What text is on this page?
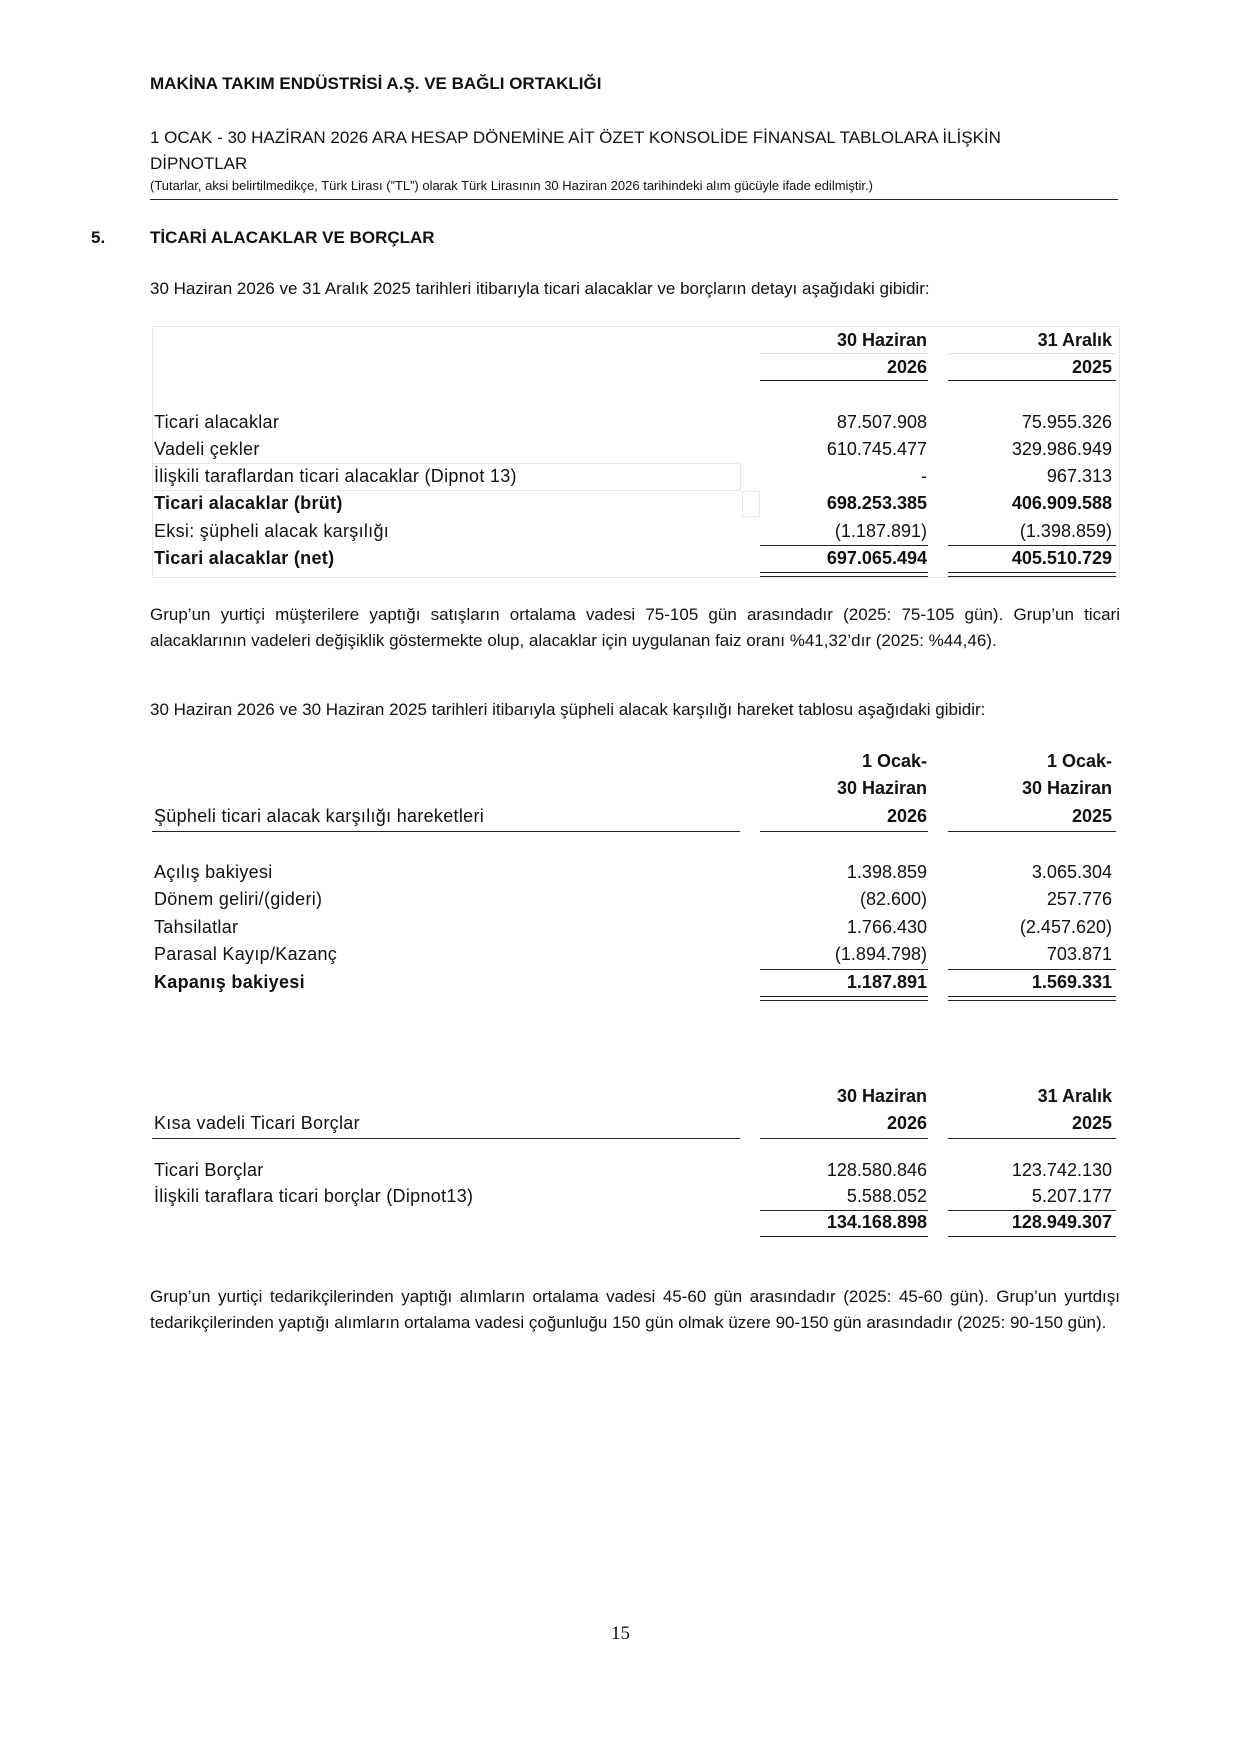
MAKİNA TAKIM ENDÜSTRİSİ A.Ş. VE BAĞLI ORTAKLIĞI
1 OCAK - 30 HAZİRAN 2026 ARA HESAP DÖNEMİNE AİT ÖZET KONSOLİDE FİNANSAL TABLOLARA İLİŞKİN
DİPNOTLAR
(Tutarlar, aksi belirtilmedikçe, Türk Lirası (”TL”) olarak Türk Lirasının 30 Haziran 2026 tarihindeki alım gücüyle ifade edilmiştir.)
5.	TİCARİ ALACAKLAR VE BORÇLAR
30 Haziran 2026 ve 31 Aralık 2025 tarihleri itibarıyla ticari alacaklar ve borçların detayı aşağıdaki gibidir:
30 Haziran	31 Aralık
2026	2025
Ticari alacaklar	87.507.908	75.955.326
Vadeli çekler	610.745.477	329.986.949
İlişkili taraflardan ticari alacaklar (Dipnot 13)	-	967.313
Ticari alacaklar (brüt)	698.253.385	406.909.588
Eksi: şüpheli alacak karşılığı	(1.187.891)	(1.398.859)
Ticari alacaklar (net)	697.065.494	405.510.729
Grup’un yurtiçi müşterilere yaptığı satışların ortalama vadesi 75-105 gün arasındadır (2025: 75-105 gün). Grup’un ticari alacaklarının vadeleri değişiklik göstermekte olup, alacaklar için uygulanan faiz oranı %41,32’dır (2025: %44,46).
30 Haziran 2026 ve 30 Haziran 2025 tarihleri itibarıyla şüpheli alacak karşılığı hareket tablosu aşağıdaki gibidir:
1 Ocak-	1 Ocak-
30 Haziran	30 Haziran
Şüpheli ticari alacak karşılığı hareketleri	2026	2025
Açılış bakiyesi	1.398.859	3.065.304
Dönem geliri/(gideri)	(82.600)	257.776
Tahsilatlar	1.766.430	(2.457.620)
Parasal Kayıp/Kazanç	(1.894.798)	703.871
Kapanış bakiyesi	1.187.891	1.569.331
30 Haziran	31 Aralık
Kısa vadeli Ticari Borçlar	2026	2025
Ticari Borçlar	128.580.846	123.742.130
İlişkili taraflara ticari borçlar (Dipnot13)	5.588.052	5.207.177
134.168.898	128.949.307
Grup’un yurtiçi tedarikçilerinden yaptığı alımların ortalama vadesi 45-60 gün arasındadır (2025: 45-60 gün). Grup’un yurtdışı tedarikçilerinden yaptığı alımların ortalama vadesi çoğunluğu 150 gün olmak üzere 90-150 gün arasındadır (2025: 90-150 gün).
15
